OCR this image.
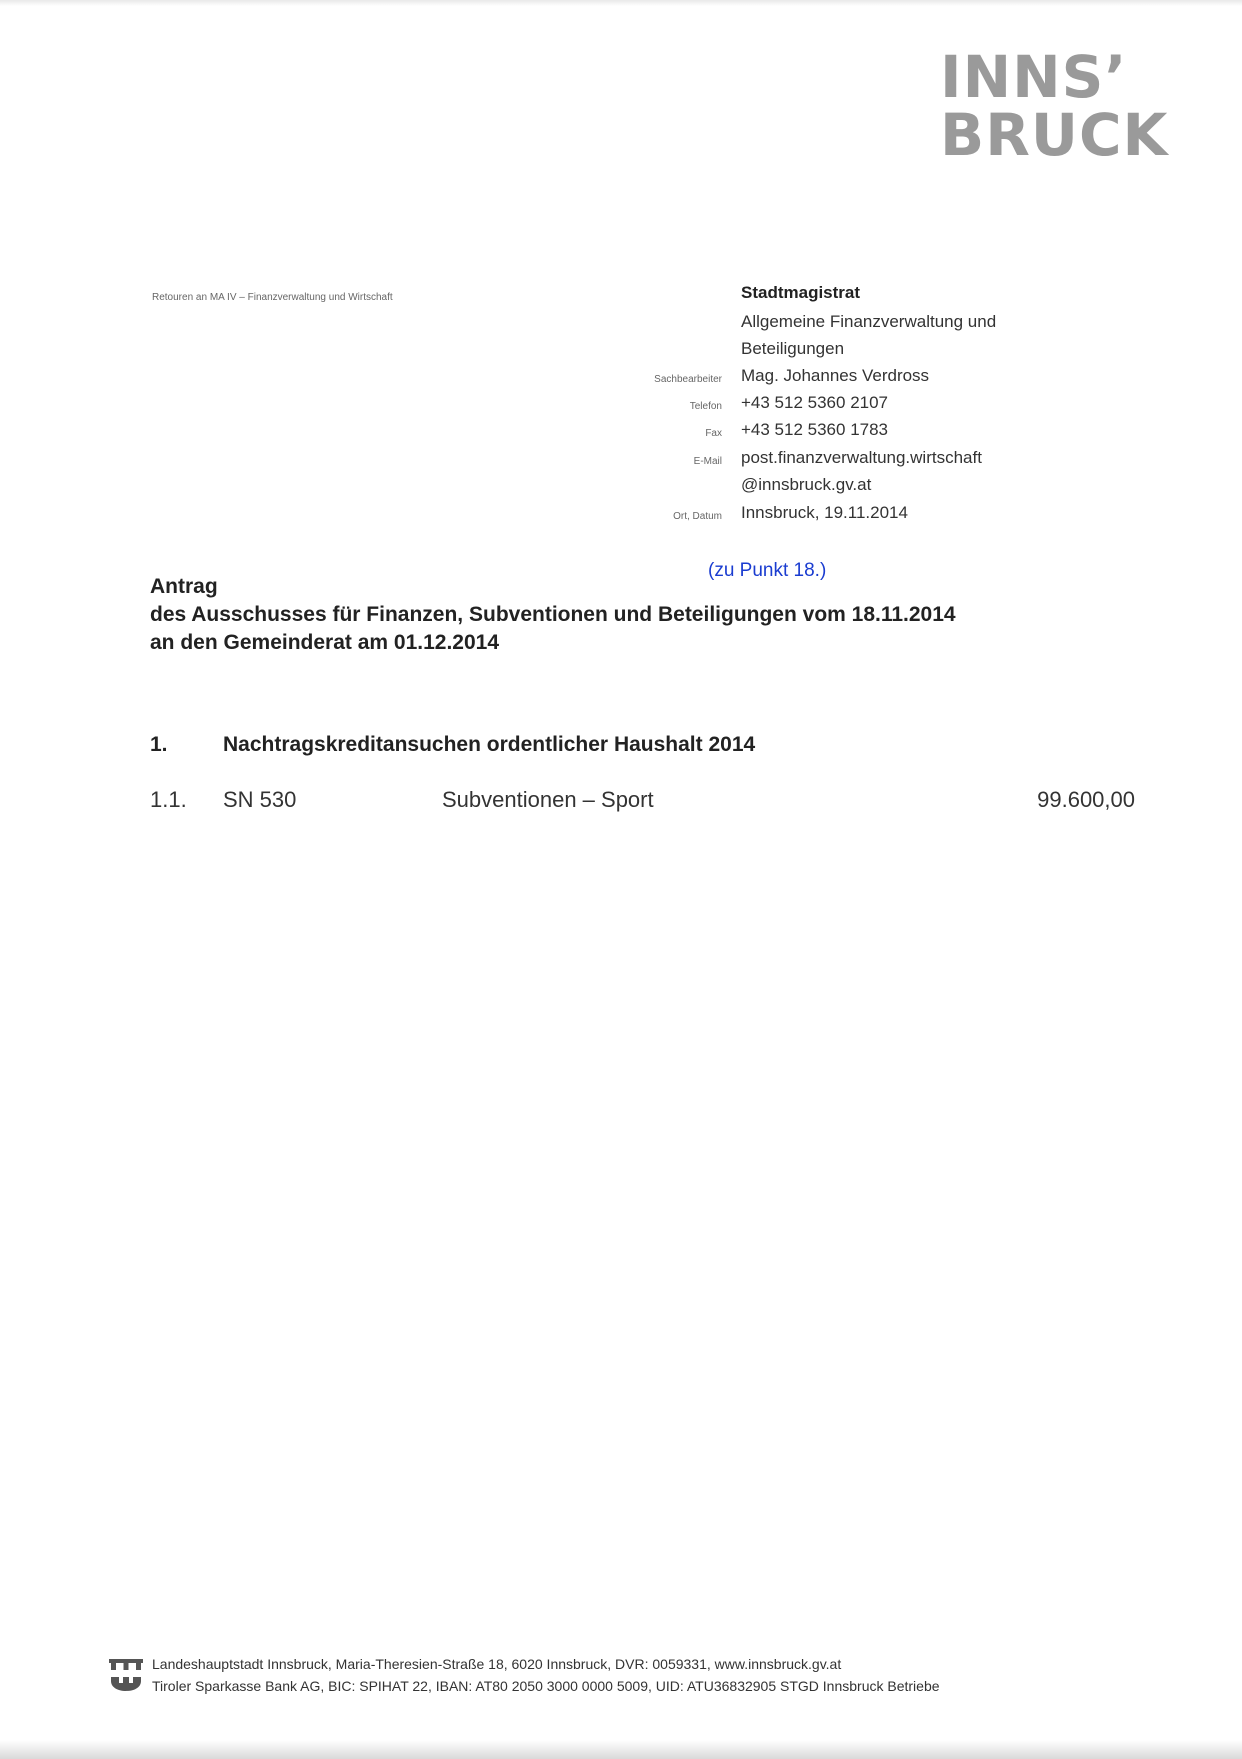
INNS’
BRUCK
Retouren an MA IV – Finanzverwaltung und Wirtschaft	Stadtmagistrat
Allgemeine Finanzverwaltung und
Beteiligungen
Sachbearbeiter Mag. Johannes Verdross
Telefon +43 512 5360 2107
Fax +43 512 5360 1783
E-Mail post.finanzverwaltung.wirtschaft
@innsbruck.gv.at
Ort, Datum Innsbruck, 19.11.2014
(zu Punkt 18.)
Antrag
des Ausschusses für Finanzen, Subventionen und Beteiligungen vom 18.11.2014
an den Gemeinderat am 01.12.2014
1.	Nachtragskreditansuchen ordentlicher Haushalt 2014
1.1. SN 530	Subventionen – Sport	99.600,00
Landeshauptstadt Innsbruck, Maria-Theresien-Straße 18, 6020 Innsbruck, DVR: 0059331, www.innsbruck.gv.at
Tiroler Sparkasse Bank AG, BIC: SPIHAT 22, IBAN: AT80 2050 3000 0000 5009, UID: ATU36832905 STGD Innsbruck Betriebe
